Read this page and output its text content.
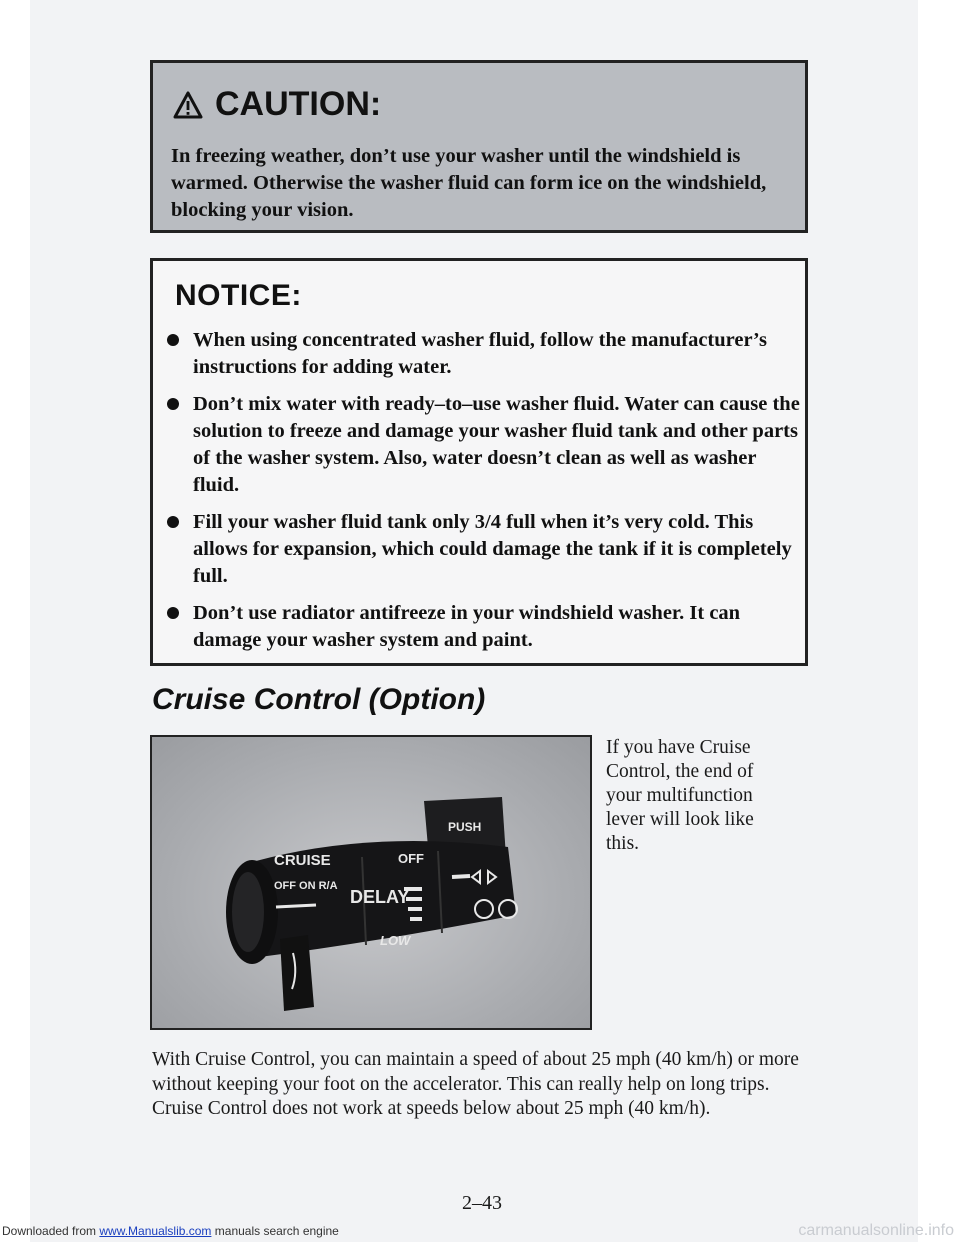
CAUTION:
In freezing weather, don’t use your washer until the windshield is warmed. Otherwise the washer fluid can form ice on the windshield, blocking your vision.
NOTICE:
When using concentrated washer fluid, follow the manufacturer’s instructions for adding water.
Don’t mix water with ready–to–use washer fluid. Water can cause the solution to freeze and damage your washer fluid tank and other parts of the washer system. Also, water doesn’t clean as well as washer fluid.
Fill your washer fluid tank only 3/4 full when it’s very cold. This allows for expansion, which could damage the tank if it is completely full.
Don’t use radiator antifreeze in your windshield washer. It can damage your washer system and paint.
Cruise Control (Option)
CRUISE
OFF ON R/A
DELAY
OFF
LOW
PUSH
If you have Cruise Control, the end of your multifunction lever will look like this.
With Cruise Control, you can maintain a speed of about 25 mph (40 km/h) or more without keeping your foot on the accelerator. This can really help on long trips. Cruise Control does not work at speeds below about 25 mph (40 km/h).
2–43
Downloaded from www.Manualslib.com manuals search engine	carmanualsonline.info
